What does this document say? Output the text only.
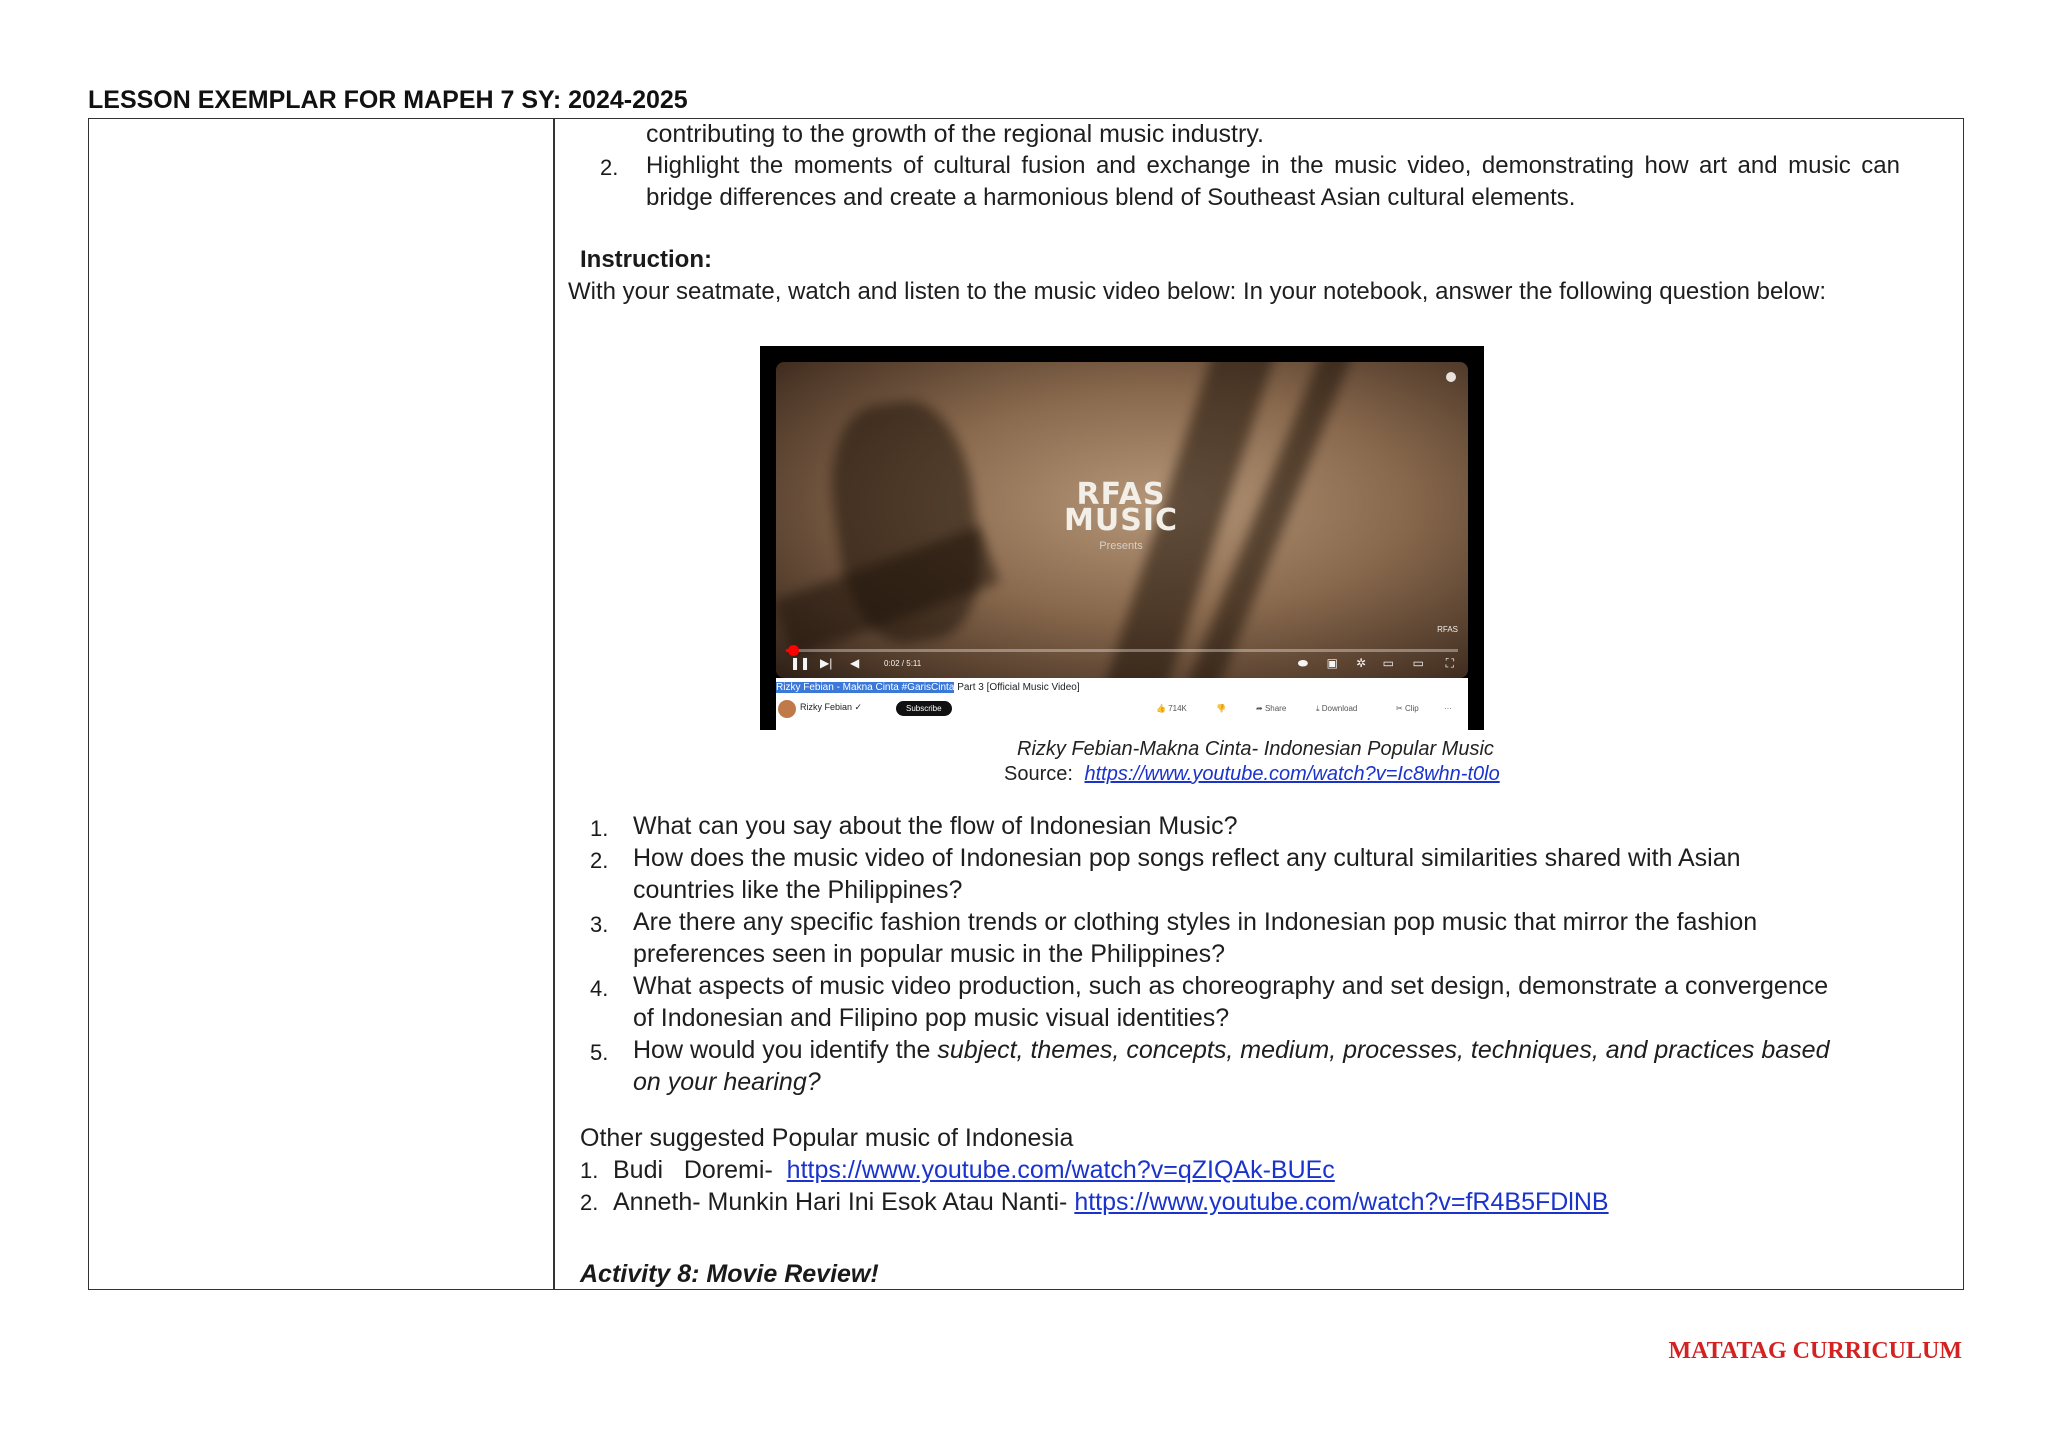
LESSON EXEMPLAR FOR MAPEH 7 SY: 2024-2025
contributing to the growth of the regional music industry.
2. Highlight the moments of cultural fusion and exchange in the music video, demonstrating how art and music can
bridge differences and create a harmonious blend of Southeast Asian cultural elements.
Instruction:
With your seatmate, watch and listen to the music video below: In your notebook, answer the following question below:
RFAS
MUSIC
Presents
RFAS
❚❚ ▶| ◀	0:02 / 5:11	⬬ ▣ ✲ ▭ ▭ ⛶
Rizky Febian - Makna Cinta #GarisCinta Part 3 [Official Music Video]
Rizky Febian ✓	Subscribe	👍 714K	👎	➦ Share	⤓ Download	✂ Clip	···
Rizky Febian-Makna Cinta- Indonesian Popular Music
Source: https://www.youtube.com/watch?v=Ic8whn-t0lo
1. What can you say about the flow of Indonesian Music?
2. How does the music video of Indonesian pop songs reflect any cultural similarities shared with Asian
countries like the Philippines?
3. Are there any specific fashion trends or clothing styles in Indonesian pop music that mirror the fashion
preferences seen in popular music in the Philippines?
4. What aspects of music video production, such as choreography and set design, demonstrate a convergence
of Indonesian and Filipino pop music visual identities?
5. How would you identify the subject, themes, concepts, medium, processes, techniques, and practices based
on your hearing?
Other suggested Popular music of Indonesia
1. Budi   Doremi-  https://www.youtube.com/watch?v=qZIQAk-BUEc
2. Anneth- Munkin Hari Ini Esok Atau Nanti- https://www.youtube.com/watch?v=fR4B5FDlNB
Activity 8: Movie Review!
MATATAG CURRICULUM
